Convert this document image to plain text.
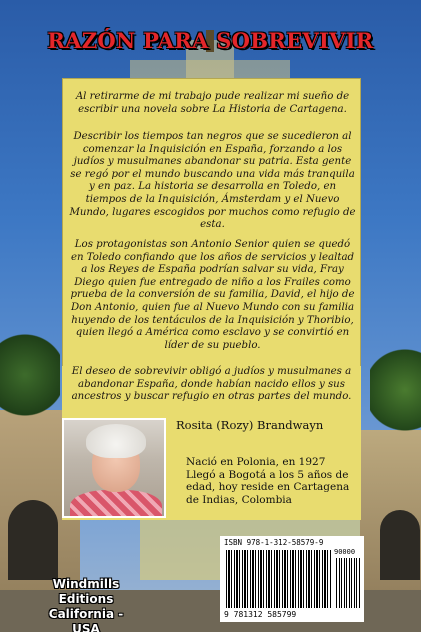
RAZÓN PARA SOBREVIVIR

Al retirarme de mi trabajo pude realizar mi sueño de escribir una novela sobre La Historia de Cartagena.

Describir los tiempos tan negros que se sucedieron al comenzar la Inquisición en España, forzando a los judíos y musulmanes abandonar su patria. Esta gente se regó por el mundo buscando una vida más tranquila y en paz. La historia se desarrolla en Toledo, en tiempos de la Inquisición, Ámsterdam y el Nuevo Mundo, lugares escogidos por muchos como refugio de esta.

Los protagonistas son Antonio Senior quien se quedó en Toledo confiando que los años de servicios y lealtad a los Reyes de España podrían salvar su vida, Fray Diego quien fue entregado de niño a los Frailes como prueba de la conversión de su familia, David, el hijo de Don Antonio, quien fue al Nuevo Mundo con su familia huyendo de los tentáculos de la Inquisición y Thoribio, quien llegó a América como esclavo y se convirtió en líder de su pueblo.

El deseo de sobrevivir obligó a judíos y musulmanes a abandonar España, donde habían nacido ellos y sus ancestros y buscar refugio en otras partes del mundo.

Rosita (Rozy) Brandwayn
Nació en Polonia, en 1927 Llegó a Bogotá a los 5 años de edad, hoy reside en Cartagena de Indias, Colombia
ISBN 978-1-312-58579-9
90000
9 781312 585799
Windmills Editions
California - USA
